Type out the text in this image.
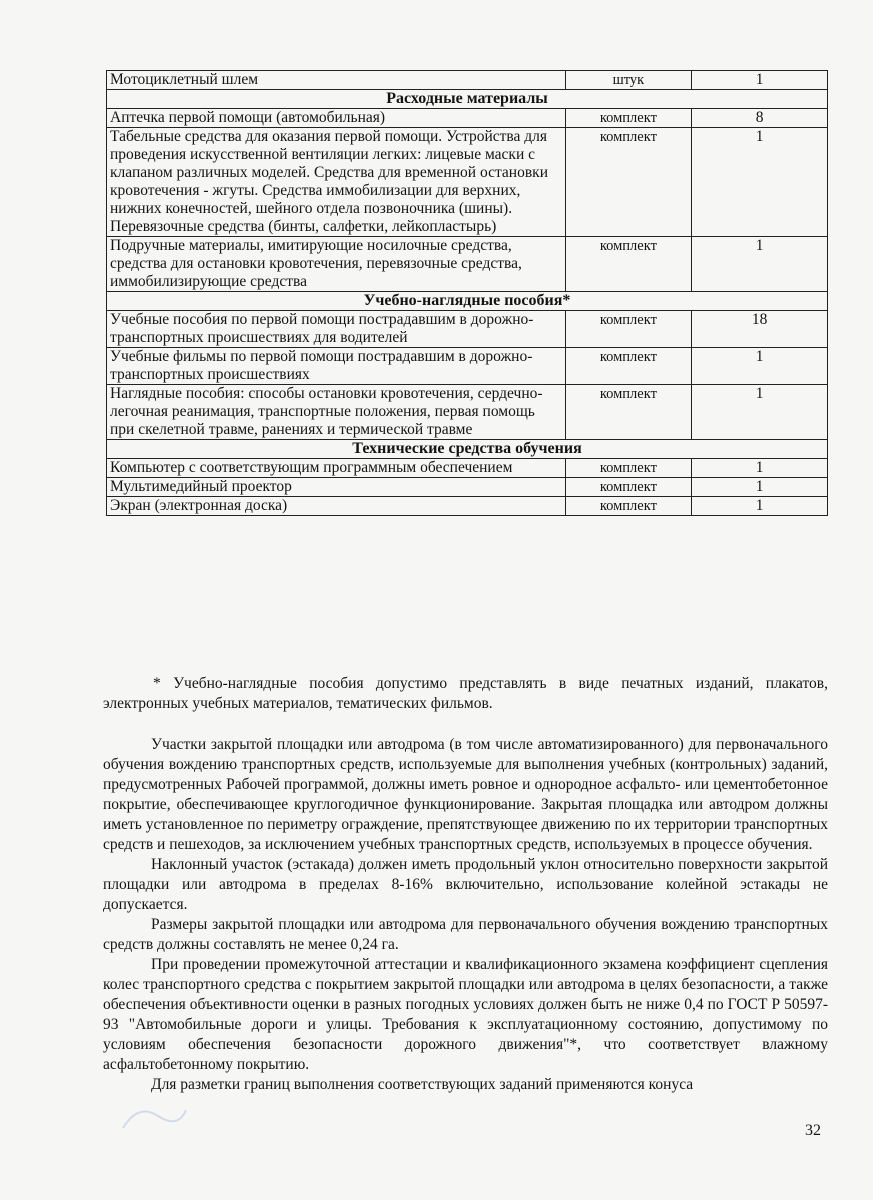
Мотоциклетный шлем	штук	1
Расходные материалы		
Аптечка первой помощи (автомобильная)	комплект	8
Табельные средства для оказания первой помощи. Устройства для проведения искусственной вентиляции легких: лицевые маски с клапаном различных моделей. Средства для временной остановки кровотечения - жгуты. Средства иммобилизации для верхних, нижних конечностей, шейного отдела позвоночника (шины). Перевязочные средства (бинты, салфетки, лейкопластырь)	комплект	1
Подручные материалы, имитирующие носилочные средства, средства для остановки кровотечения, перевязочные средства, иммобилизирующие средства	комплект	1
Учебно-наглядные пособия*		
Учебные пособия по первой помощи пострадавшим в дорожно-транспортных происшествиях для водителей	комплект	18
Учебные фильмы по первой помощи пострадавшим в дорожно-транспортных происшествиях	комплект	1
Наглядные пособия: способы остановки кровотечения, сердечно-легочная реанимация, транспортные положения, первая помощь при скелетной травме, ранениях и термической травме	комплект	1
Технические средства обучения		
Компьютер с соответствующим программным обеспечением	комплект	1
Мультимедийный проектор	комплект	1
Экран (электронная доска)	комплект	1
* Учебно-наглядные пособия допустимо представлять в виде печатных изданий, плакатов, электронных учебных материалов, тематических фильмов.

Участки закрытой площадки или автодрома (в том числе автоматизированного) для первоначального обучения вождению транспортных средств, используемые для выполнения учебных (контрольных) заданий, предусмотренных Рабочей программой, должны иметь ровное и однородное асфальто- или цементобетонное покрытие, обеспечивающее круглогодичное функционирование. Закрытая площадка или автодром должны иметь установленное по периметру ограждение, препятствующее движению по их территории транспортных средств и пешеходов, за исключением учебных транспортных средств, используемых в процессе обучения.

Наклонный участок (эстакада) должен иметь продольный уклон относительно поверхности закрытой площадки или автодрома в пределах 8-16% включительно, использование колейной эстакады не допускается.

Размеры закрытой площадки или автодрома для первоначального обучения вождению транспортных средств должны составлять не менее 0,24 га.

При проведении промежуточной аттестации и квалификационного экзамена коэффициент сцепления колес транспортного средства с покрытием закрытой площадки или автодрома в целях безопасности, а также обеспечения объективности оценки в разных погодных условиях должен быть не ниже 0,4 по ГОСТ Р 50597-93 "Автомобильные дороги и улицы. Требования к эксплуатационному состоянию, допустимому по условиям обеспечения безопасности дорожного движения"*, что соответствует влажному асфальтобетонному покрытию.

Для разметки границ выполнения соответствующих заданий применяются конуса

32
